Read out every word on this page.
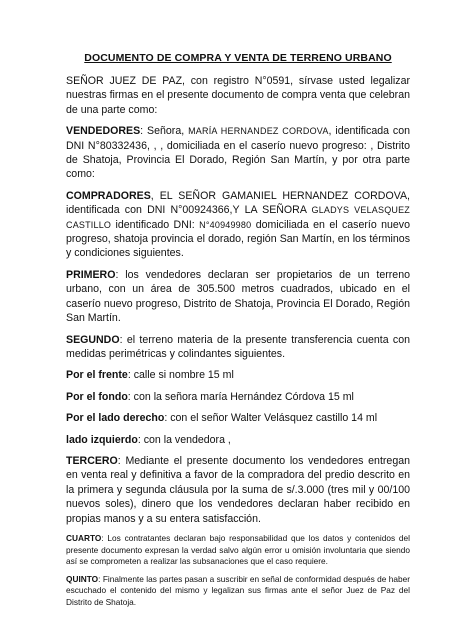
DOCUMENTO DE COMPRA Y VENTA DE TERRENO URBANO

SEÑOR JUEZ DE PAZ, con registro N°0591, sírvase usted legalizar nuestras firmas en el presente documento de compra venta que celebran de una parte como:

VENDEDORES: Señora, MARÍA HERNANDEZ CORDOVA, identificada con DNI N°80332436, , , domiciliada en el caserío nuevo progreso: , Distrito de Shatoja, Provincia El Dorado, Región San Martín, y por otra parte como:

COMPRADORES, EL SEÑOR GAMANIEL HERNANDEZ CORDOVA, identificada con DNI N°00924366,Y LA SEÑORA GLADYS VELASQUEZ CASTILLO identificado DNI: N°40949980 domiciliada en el caserío nuevo progreso, shatoja provincia el dorado, región San Martín, en los términos y condiciones siguientes.

PRIMERO: los vendedores declaran ser propietarios de un terreno urbano, con un área de 305.500 metros cuadrados, ubicado en el caserío nuevo progreso, Distrito de Shatoja, Provincia El Dorado, Región San Martín.

SEGUNDO: el terreno materia de la presente transferencia cuenta con medidas perimétricas y colindantes siguientes.

Por el frente: calle si nombre 15 ml

Por el fondo: con la señora maría Hernández Córdova 15 ml

Por el lado derecho: con el señor Walter Velásquez castillo 14 ml

lado izquierdo: con la vendedora ,

TERCERO: Mediante el presente documento los vendedores entregan en venta real y definitiva a favor de la compradora del predio descrito en la primera y segunda cláusula por la suma de s/.3.000 (tres mil y 00/100 nuevos soles), dinero que los vendedores declaran haber recibido en propias manos y a su entera satisfacción.

CUARTO: Los contratantes declaran bajo responsabilidad que los datos y contenidos del presente documento expresan la verdad salvo algún error u omisión involuntaria que siendo así se comprometen a realizar las subsanaciones que el caso requiere.

QUINTO: Finalmente las partes pasan a suscribir en señal de conformidad después de haber escuchado el contenido del mismo y legalizan sus firmas ante el señor Juez de Paz del Distrito de Shatoja.
